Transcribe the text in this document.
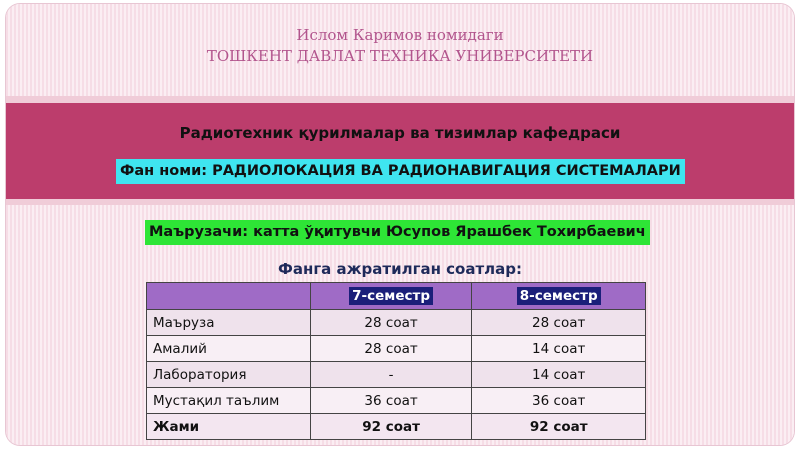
Ислом Каримов номидаги
ТОШКЕНТ ДАВЛАТ ТЕХНИКА УНИВЕРСИТЕТИ
Радиотехник қурилмалар ва тизимлар кафедраси
Фан номи: РАДИОЛОКАЦИЯ ВА РАДИОНАВИГАЦИЯ СИСТЕМАЛАРИ
Маърузачи: катта ўқитувчи Юсупов Ярашбек Тохирбаевич
Фанга ажратилган соатлар:
	7-семестр	8-семестр
Маъруза	28 соат	28 соат
Амалий	28 соат	14 соат
Лаборатория	-	14 соат
Мустақил таълим	36 соат	36 соат
Жами	92 соат	92 соат
